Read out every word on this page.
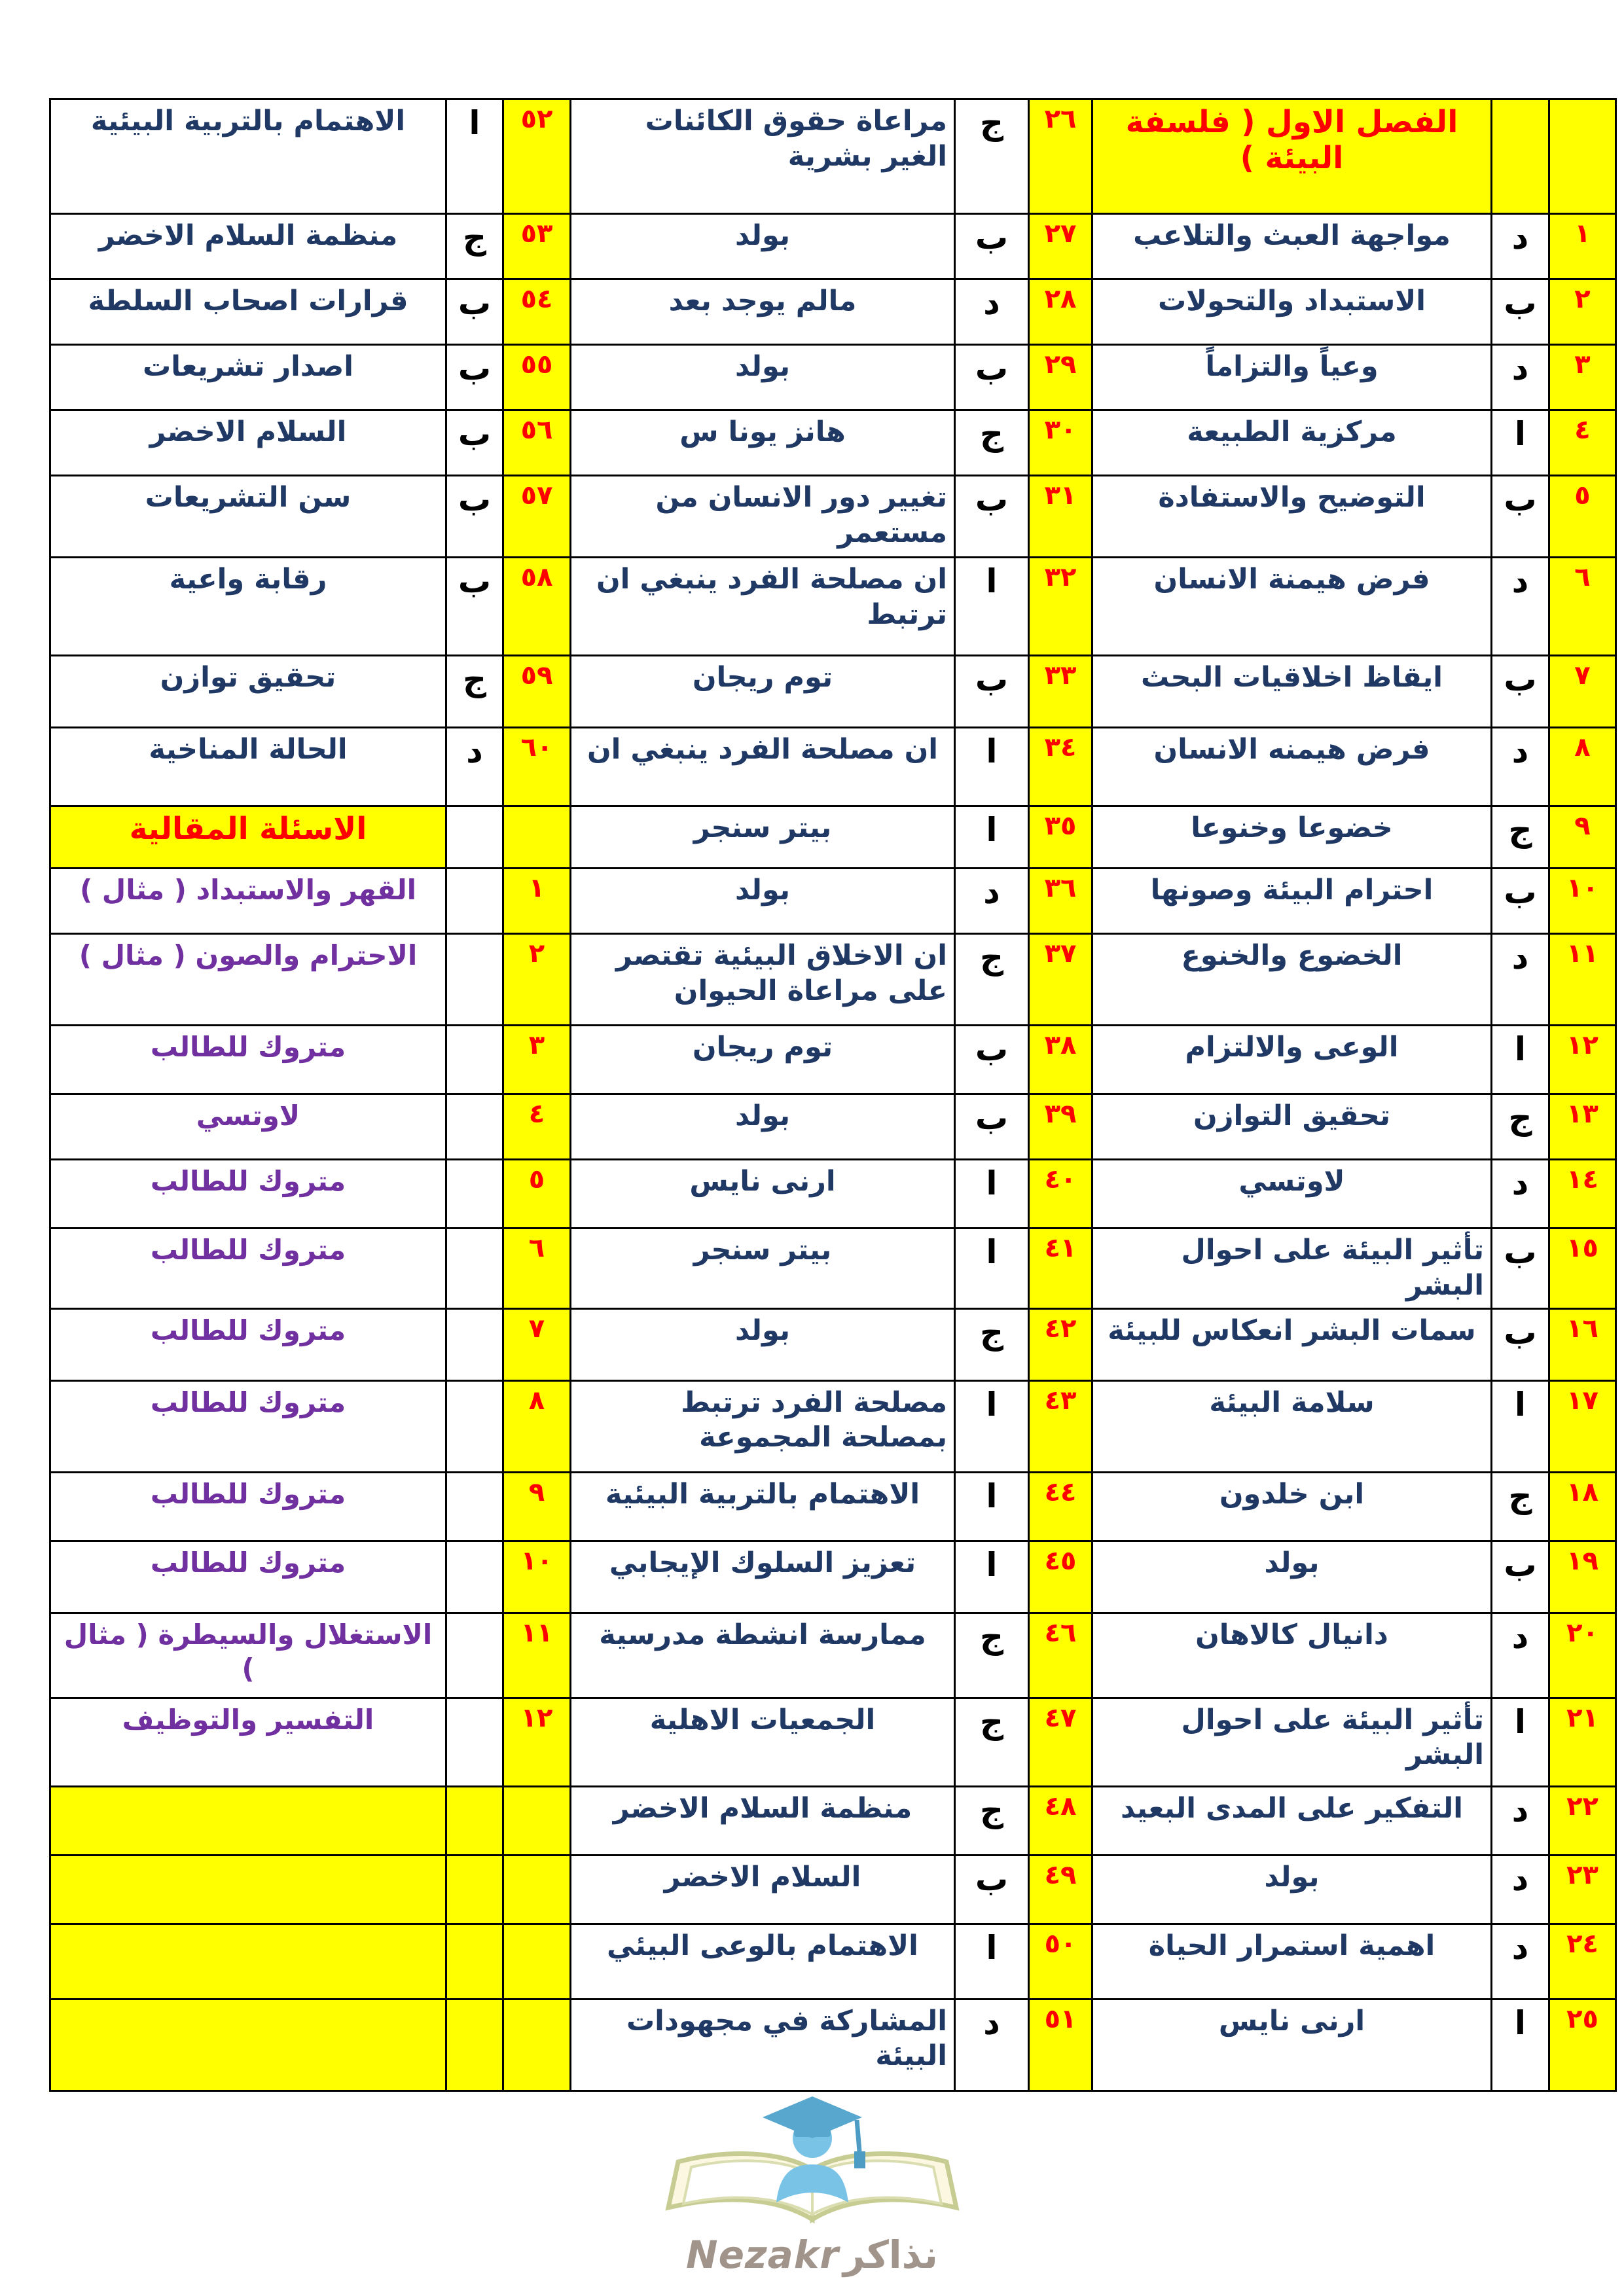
		الفصل الاول ( فلسفة البيئة )	٢٦	ج	مراعاة حقوق الكائنات الغير بشرية	٥٢	ا	الاهتمام بالتربية البيئية
١	د	مواجهة العبث والتلاعب	٢٧	ب	بولد	٥٣	ج	منظمة السلام الاخضر
٢	ب	الاستبداد والتحولات	٢٨	د	مالم يوجد بعد	٥٤	ب	قرارات اصحاب السلطة
٣	د	وعياً والتزاماً	٢٩	ب	بولد	٥٥	ب	اصدار تشريعات
٤	ا	مركزية الطبيعة	٣٠	ج	هانز يونا س	٥٦	ب	السلام الاخضر
٥	ب	التوضيح والاستفادة	٣١	ب	تغيير دور الانسان من مستعمر	٥٧	ب	سن التشريعات
٦	د	فرض هيمنة الانسان	٣٢	ا	ان مصلحة الفرد ينبغي ان ترتبط	٥٨	ب	رقابة واعية
٧	ب	ايقاظ اخلاقيات البحث	٣٣	ب	توم ريجان	٥٩	ج	تحقيق توازن
٨	د	فرض هيمنه الانسان	٣٤	ا	ان مصلحة الفرد ينبغي ان	٦٠	د	الحالة المناخية
٩	ج	خضوعا وخنوعا	٣٥	ا	بيتر سنجر			الاسئلة المقالية
١٠	ب	احترام البيئة وصونها	٣٦	د	بولد	١		القهر والاستبداد ( مثال )
١١	د	الخضوع والخنوع	٣٧	ج	ان الاخلاق البيئية تقتصر على مراعاة الحيوان	٢		الاحترام والصون ( مثال )
١٢	ا	الوعى والالتزام	٣٨	ب	توم ريجان	٣		متروك للطالب
١٣	ج	تحقيق التوازن	٣٩	ب	بولد	٤		لاوتسي
١٤	د	لاوتسي	٤٠	ا	ارنى نايس	٥		متروك للطالب
١٥	ب	تأثير البيئة على احوال البشر	٤١	ا	بيتر سنجر	٦		متروك للطالب
١٦	ب	سمات البشر انعكاس للبيئة	٤٢	ج	بولد	٧		متروك للطالب
١٧	ا	سلامة البيئة	٤٣	ا	مصلحة الفرد ترتبط بمصلحة المجموعة	٨		متروك للطالب
١٨	ج	ابن خلدون	٤٤	ا	الاهتمام بالتربية البيئية	٩		متروك للطالب
١٩	ب	بولد	٤٥	ا	تعزيز السلوك الإيجابي	١٠		متروك للطالب
٢٠	د	دانيال كالاهان	٤٦	ج	ممارسة انشطة مدرسية	١١		الاستغلال والسيطرة ( مثال )
٢١	ا	تأثير البيئة على احوال البشر	٤٧	ج	الجمعيات الاهلية	١٢		التفسير والتوظيف
٢٢	د	التفكير على المدى البعيد	٤٨	ج	منظمة السلام الاخضر			
٢٣	د	بولد	٤٩	ب	السلام الاخضر			
٢٤	د	اهمية استمرار الحياة	٥٠	ا	الاهتمام بالوعى البيئي			
٢٥	ا	ارنى نايس	٥١	د	المشاركة في مجهودات البيئة			
Nezakr نذاكر
